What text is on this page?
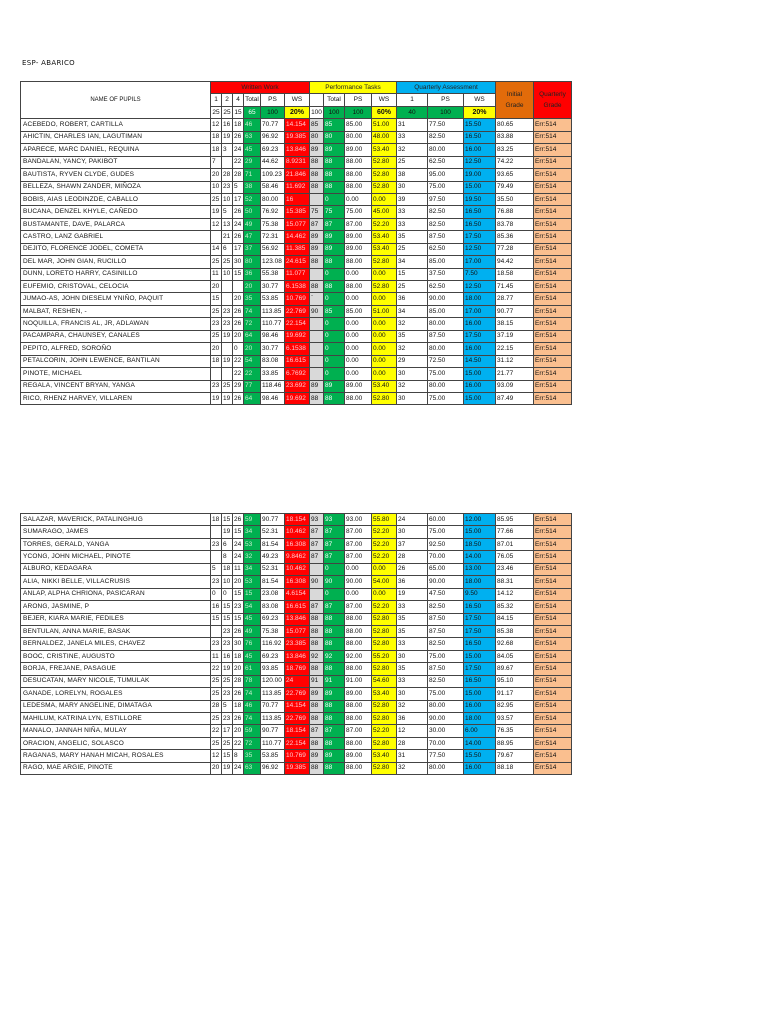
ESP- ABARICO
NAME OF PUPILS	Written Work						Performance Tasks				Quarterly Assessment			Initial Grade	Quarterly Grade
	1	2	4	Total	PS	WS		Total	PS	WS	1	PS	WS		
	25	25	15	65	100	20%	100	100	100	60%	40	100	20%		
ACEBEDO, ROBERT, CARTILLA	12	16	18	46	70.77	14.154	85	85	85.00	51.00	31	77.50	15.50	80.65	Err:514
AHICTIN, CHARLES IAN, LAGUTIMAN	18	19	26	63	96.92	19.385	80	80	80.00	48.00	33	82.50	16.50	83.88	Err:514
APARECE, MARC DANIEL, REQUINA	18	3	24	45	69.23	13.846	89	89	89.00	53.40	32	80.00	16.00	83.25	Err:514
BANDALAN, YANCY, PAKIBOT	7		22	29	44.62	8.9231	88	88	88.00	52.80	25	62.50	12.50	74.22	Err:514
BAUTISTA, RYVEN CLYDE, GUDES	20	28	28	71	109.23	21.846	88	88	88.00	52.80	38	95.00	19.00	93.65	Err:514
BELLEZA, SHAWN ZANDER, MIÑOZA	10	23	5	38	58.46	11.692	88	88	88.00	52.80	30	75.00	15.00	79.49	Err:514
BOBIS, AIAS LEODINZDE, CABALLO	25	10	17	52	80.00	16		0	0.00	0.00	39	97.50	19.50	35.50	Err:514
BUCANA, DENZEL KHYLE, CAÑEDO	19	5	26	50	76.92	15.385	75	75	75.00	45.00	33	82.50	16.50	76.88	Err:514
BUSTAMANTE, DAVE, PALARCA	12	13	24	49	75.38	15.077	87	87	87.00	52.20	33	82.50	16.50	83.78	Err:514
CASTRO, LANZ GABRIEL		21	26	47	72.31	14.462	89	89	89.00	53.40	35	87.50	17.50	85.36	Err:514
DEJITO, FLORENCE JODEL, COMETA	14	6	17	37	56.92	11.385	89	89	89.00	53.40	25	62.50	12.50	77.28	Err:514
DEL MAR, JOHN GIAN, RUCILLO	25	25	30	80	123.08	24.615	88	88	88.00	52.80	34	85.00	17.00	94.42	Err:514
DUNN, LORETO HARRY, CASINILLO	11	10	15	36	55.38	11.077		0	0.00	0.00	15	37.50	7.50	18.58	Err:514
EUFEMIO, CRISTOVAL, CELOCIA	20			20	30.77	6.1538	88	88	88.00	52.80	25	62.50	12.50	71.45	Err:514
JUMAO-AS, JOHN DIESELM YNIÑO, PAQUIT	15		20	35	53.85	10.769	`	0	0.00	0.00	36	90.00	18.00	28.77	Err:514
MALBAT, RESHEN, -	25	23	26	74	113.85	22.769	90	85	85.00	51.00	34	85.00	17.00	90.77	Err:514
NOQUILLA, FRANCIS AL, JR, ADLAWAN	23	23	26	72	110.77	22.154		0	0.00	0.00	32	80.00	16.00	38.15	Err:514
PACAMPARA, CHAUNSEY, CANALES	25	19	20	64	98.46	19.692		0	0.00	0.00	35	87.50	17.50	37.19	Err:514
PEPITO, ALFRED, SOROÑO	20		0	20	30.77	6.1538		0	0.00	0.00	32	80.00	16.00	22.15	Err:514
PETALCORIN, JOHN LEWENCE, BANTILAN	18	19	22	54	83.08	16.615		0	0.00	0.00	29	72.50	14.50	31.12	Err:514
PINOTE, MICHAEL			22	22	33.85	6.7692		0	0.00	0.00	30	75.00	15.00	21.77	Err:514
REGALA, VINCENT BRYAN, YANGA	23	25	29	77	118.46	23.692	89	89	89.00	53.40	32	80.00	16.00	93.09	Err:514
RICO, RHENZ HARVEY, VILLAREN	19	19	26	64	98.46	19.692	88	88	88.00	52.80	30	75.00	15.00	87.49	Err:514
SALAZAR, MAVERICK, PATALINGHUG	18	15	26	59	90.77	18.154	93	93	93.00	55.80	24	60.00	12.00	85.95	Err:514
SUMARAGO, JAMES		19	15	34	52.31	10.462	87	87	87.00	52.20	30	75.00	15.00	77.66	Err:514
TORRES, GERALD, YANGA	23	6	24	53	81.54	16.308	87	87	87.00	52.20	37	92.50	18.50	87.01	Err:514
YCONG, JOHN MICHAEL, PINOTE		8	24	32	49.23	9.8462	87	87	87.00	52.20	28	70.00	14.00	76.05	Err:514
ALBURO, KEDAGARA	5	18	11	34	52.31	10.462		0	0.00	0.00	26	65.00	13.00	23.46	Err:514
ALIA, NIKKI BELLE, VILLACRUSIS	23	10	20	53	81.54	16.308	90	90	90.00	54.00	36	90.00	18.00	88.31	Err:514
ANLAP, ALPHA CHRIONA, PASICARAN	0	0	15	15	23.08	4.6154		0	0.00	0.00	19	47.50	9.50	14.12	Err:514
ARONG, JASMINE, P	16	15	23	54	83.08	16.615	87	87	87.00	52.20	33	82.50	16.50	85.32	Err:514
BEJER, KIARA MARIE, FEDILES	15	15	15	45	69.23	13.846	88	88	88.00	52.80	35	87.50	17.50	84.15	Err:514
BENTULAN, ANNA MARIE, BASAK		23	26	49	75.38	15.077	88	88	88.00	52.80	35	87.50	17.50	85.38	Err:514
BERNALDEZ, JANELA MILES, CHAVEZ	23	23	30	76	116.92	23.385	88	88	88.00	52.80	33	82.50	16.50	92.68	Err:514
BOOC, CRISTINE, AUGUSTO	11	16	18	45	69.23	13.846	92	92	92.00	55.20	30	75.00	15.00	84.05	Err:514
BORJA, FREJANE, PASAGUE	22	19	20	61	93.85	18.769	88	88	88.00	52.80	35	87.50	17.50	89.67	Err:514
DESUCATAN, MARY NICOLE, TUMULAK	25	25	28	78	120.00	24	91	91	91.00	54.60	33	82.50	16.50	95.10	Err:514
GANADE, LORELYN, ROGALES	25	23	26	74	113.85	22.769	89	89	89.00	53.40	30	75.00	15.00	91.17	Err:514
LEDESMA, MARY ANGELINE, DIMATAGA	28	5	18	46	70.77	14.154	88	88	88.00	52.80	32	80.00	16.00	82.95	Err:514
MAHILUM, KATRINA LYN, ESTILLORE	25	23	26	74	113.85	22.769	88	88	88.00	52.80	36	90.00	18.00	93.57	Err:514
MANALO, JANNAH NIÑA, MULAY	22	17	20	59	90.77	18.154	87	87	87.00	52.20	12	30.00	6.00	76.35	Err:514
ORACION, ANGELIC, SOLASCO	25	25	22	72	110.77	22.154	88	88	88.00	52.80	28	70.00	14.00	88.95	Err:514
RAGANAS, MARY HANAH MICAH, ROSALES	12	15	8	35	53.85	10.769	89	89	89.00	53.40	31	77.50	15.50	79.67	Err:514
RAGO, MAE ARGIE, PINOTE	20	19	24	63	96.92	19.385	88	88	88.00	52.80	32	80.00	16.00	88.18	Err:514
